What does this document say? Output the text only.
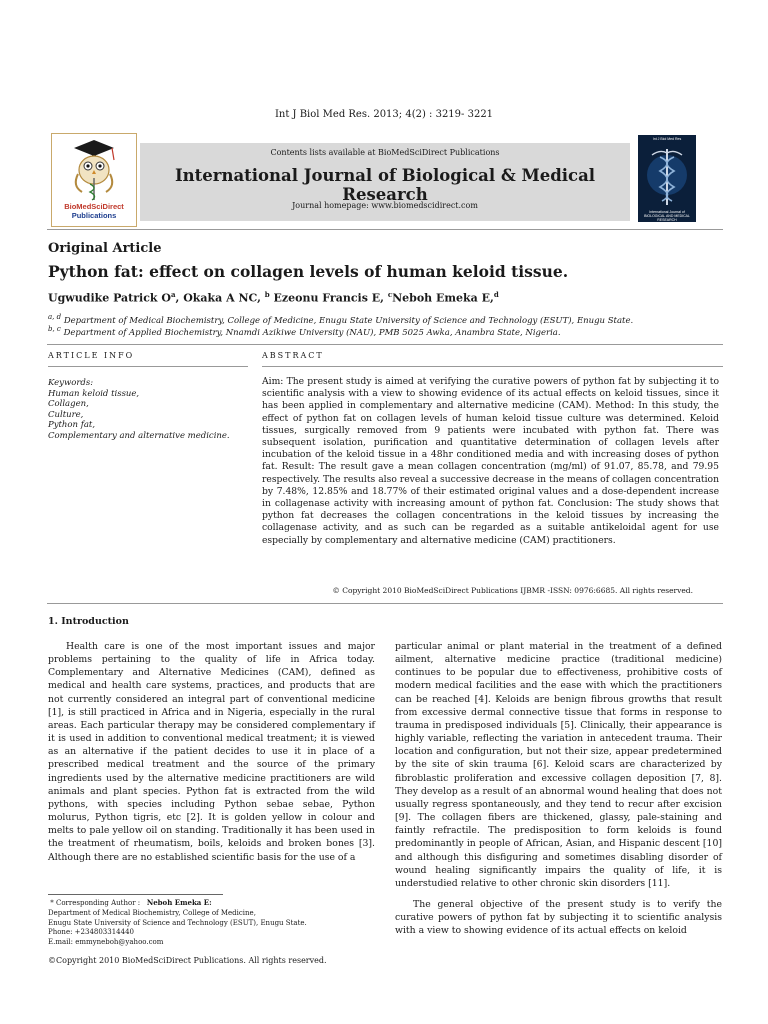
Int J Biol Med Res. 2013; 4(2) : 3219- 3221
Contents lists available at BioMedSciDirect Publications
International Journal of Biological & Medical Research
Journal homepage: www.biomedscidirect.com
BioMedSciDirect
Publications
Int J Biol Med Res
International Journal of BIOLOGICAL AND MEDICAL RESEARCH
Original Article
Python fat: effect on collagen levels of human keloid tissue.
Ugwudike Patrick $O^a$, Okaka A NC, $^b$ Ezeonu Francis E, $^c$Neboh Emeka E,$^d$
$^{a, d}$ Department of Medical Biochemistry, College of Medicine, Enugu State University of Science and Technology (ESUT), Enugu State.
$^{b, c}$ Department of Applied Biochemistry, Nnamdi Azikiwe University (NAU), PMB 5025 Awka, Anambra State, Nigeria.
ARTICLE INFO	ABSTRACT
Keywords:
Human keloid tissue,
Collagen,
Culture,
Python fat,
Complementary and alternative medicine.
Aim: The present study is aimed at verifying the curative powers of python fat by subjecting it to scientific analysis with a view to showing evidence of its actual effects on keloid tissues, since it has been applied in complementary and alternative medicine (CAM). Method: In this study, the effect of python fat on collagen levels of human keloid tissue culture was determined. Keloid tissues, surgically removed from 9 patients were incubated with python fat. There was subsequent isolation, purification and quantitative determination of collagen levels after incubation of the keloid tissue in a 48hr conditioned media and with increasing doses of python fat. Result: The result gave a mean collagen concentration (mg/ml) of 91.07, 85.78, and 79.95 respectively. The results also reveal a successive decrease in the means of collagen concentration by 7.48%, 12.85% and 18.77% of their estimated original values and a dose-dependent increase in collagenase activity with increasing amount of python fat. Conclusion: The study shows that python fat decreases the collagen concentrations in the keloid tissues by increasing the collagenase activity, and as such can be regarded as a suitable antikeloidal agent for use especially by complementary and alternative medicine (CAM) practitioners.
© Copyright 2010 BioMedSciDirect Publications IJBMR -ISSN: 0976:6685. All rights reserved.
1. Introduction

Health care is one of the most important issues and major problems pertaining to the quality of life in Africa today. Complementary and Alternative Medicines (CAM), defined as medical and health care systems, practices, and products that are not currently considered an integral part of conventional medicine [1], is still practiced in Africa and in Nigeria, especially in the rural areas. Each particular therapy may be considered complementary if it is used in addition to conventional medical treatment; it is viewed as an alternative if the patient decides to use it in place of a prescribed medical treatment and the source of the primary ingredients used by the alternative medicine practitioners are wild animals and plant species. Python fat is extracted from the wild pythons, with species including Python sebae sebae, Python molurus, Python tigris, etc [2]. It is golden yellow in colour and melts to pale yellow oil on standing. Traditionally it has been used in the treatment of rheumatism, boils, keloids and broken bones [3]. Although there are no established scientific basis for the use of a

particular animal or plant material in the treatment of a defined ailment, alternative medicine practice (traditional medicine) continues to be popular due to effectiveness, prohibitive costs of modern medical facilities and the ease with which the practitioners can be reached [4]. Keloids are benign fibrous growths that result from excessive dermal connective tissue that forms in response to trauma in predisposed individuals [5]. Clinically, their appearance is highly variable, reflecting the variation in antecedent trauma. Their location and configuration, but not their size, appear predetermined by the site of skin trauma [6]. Keloid scars are characterized by fibroblastic proliferation and excessive collagen deposition [7, 8]. They develop as a result of an abnormal wound healing that does not usually regress spontaneously, and they tend to recur after excision [9]. The collagen fibers are thickened, glassy, pale-staining and faintly refractile. The predisposition to form keloids is found predominantly in people of African, Asian, and Hispanic descent [10] and although this disfiguring and sometimes disabling disorder of wound healing significantly impairs the quality of life, it is understudied relative to other chronic skin disorders [11].

The general objective of the present study is to verify the curative powers of python fat by subjecting it to scientific analysis with a view to showing evidence of its actual effects on keloid

* Corresponding Author : Neboh Emeka E:
Department of Medical Biochemistry, College of Medicine,
Enugu State University of Science and Technology (ESUT), Enugu State.
Phone: +234803314440
E.mail: emmyneboh@yahoo.com
©Copyright 2010 BioMedSciDirect Publications. All rights reserved.
